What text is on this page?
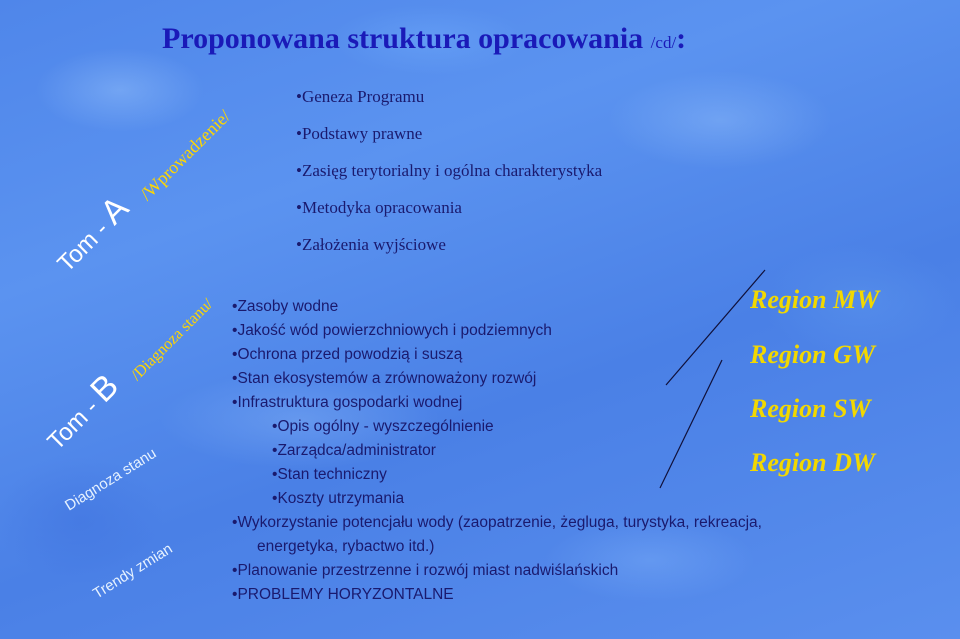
Proponowana struktura opracowania /cd/:
Tom - A
/Wprowadzenie/
• Geneza Programu
• Podstawy prawne
• Zasięg terytorialny i ogólna charakterystyka
• Metodyka opracowania
• Założenia wyjściowe
Tom - B
/Diagnoza stanu/
Diagnoza stanu
Trendy zmian
• Zasoby wodne
• Jakość wód powierzchniowych i podziemnych
• Ochrona przed powodzią i suszą
• Stan ekosystemów a zrównoważony rozwój
• Infrastruktura gospodarki wodnej
• Opis ogólny - wyszczególnienie
• Zarządca/administrator
• Stan techniczny
• Koszty utrzymania
• Wykorzystanie potencjału wody (zaopatrzenie, żegluga, turystyka, rekreacja,
energetyka, rybactwo itd.)
• Planowanie przestrzenne i rozwój miast nadwiślańskich
• PROBLEMY HORYZONTALNE
Region MW
Region GW
Region SW
Region DW
